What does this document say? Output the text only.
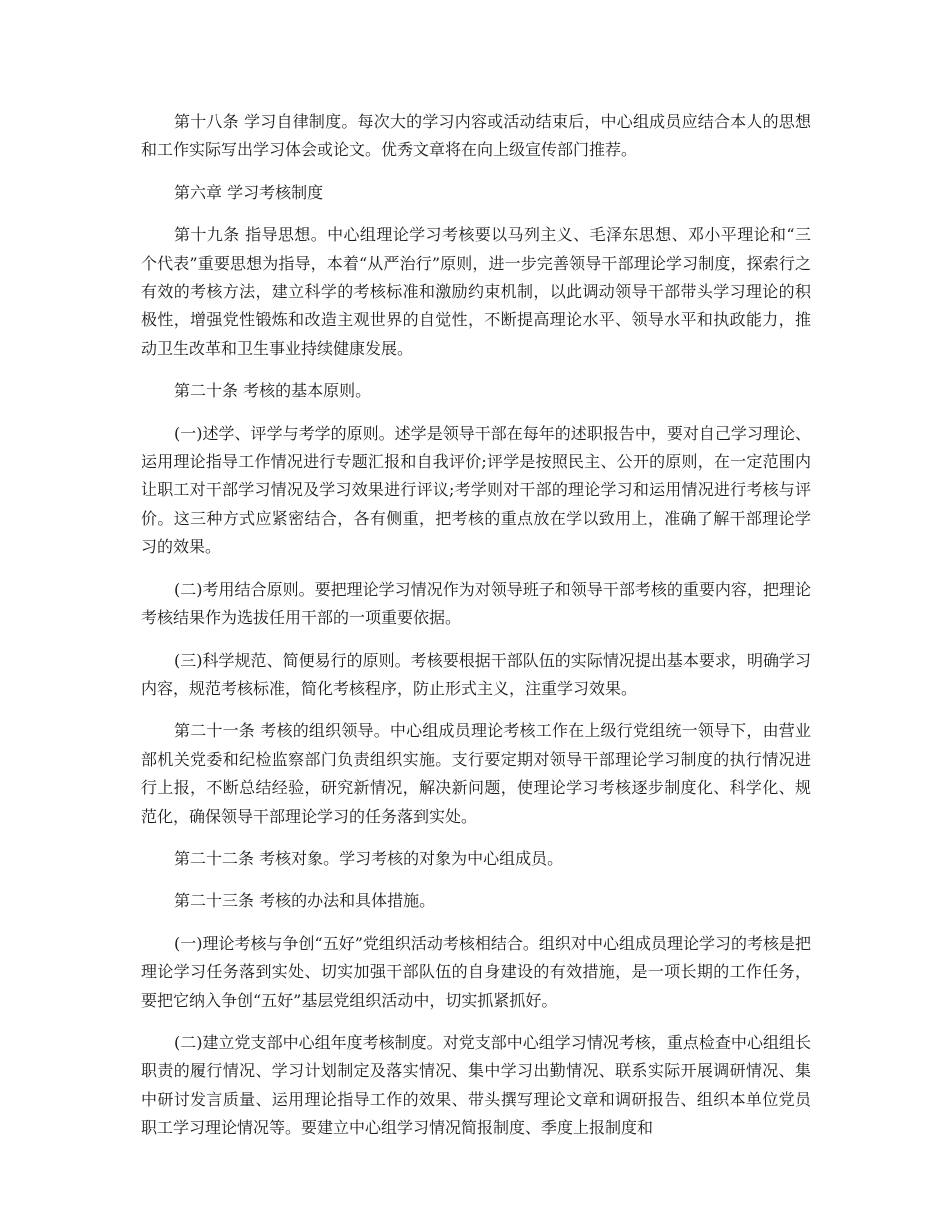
第十八条 学习自律制度。每次大的学习内容或活动结束后，中心组成员应结合本人的思想和工作实际写出学习体会或论文。优秀文章将在向上级宣传部门推荐。

第六章 学习考核制度

第十九条 指导思想。中心组理论学习考核要以马列主义、毛泽东思想、邓小平理论和“三个代表”重要思想为指导，本着“从严治行”原则，进一步完善领导干部理论学习制度，探索行之有效的考核方法，建立科学的考核标准和激励约束机制，以此调动领导干部带头学习理论的积极性，增强党性锻炼和改造主观世界的自觉性，不断提高理论水平、领导水平和执政能力，推动卫生改革和卫生事业持续健康发展。

第二十条 考核的基本原则。

(一)述学、评学与考学的原则。述学是领导干部在每年的述职报告中，要对自己学习理论、运用理论指导工作情况进行专题汇报和自我评价;评学是按照民主、公开的原则，在一定范围内让职工对干部学习情况及学习效果进行评议;考学则对干部的理论学习和运用情况进行考核与评价。这三种方式应紧密结合，各有侧重，把考核的重点放在学以致用上，准确了解干部理论学习的效果。

(二)考用结合原则。要把理论学习情况作为对领导班子和领导干部考核的重要内容，把理论考核结果作为选拔任用干部的一项重要依据。

(三)科学规范、简便易行的原则。考核要根据干部队伍的实际情况提出基本要求，明确学习内容，规范考核标准，简化考核程序，防止形式主义，注重学习效果。

第二十一条 考核的组织领导。中心组成员理论考核工作在上级行党组统一领导下，由营业部机关党委和纪检监察部门负责组织实施。支行要定期对领导干部理论学习制度的执行情况进行上报，不断总结经验，研究新情况，解决新问题，使理论学习考核逐步制度化、科学化、规范化，确保领导干部理论学习的任务落到实处。

第二十二条 考核对象。学习考核的对象为中心组成员。

第二十三条 考核的办法和具体措施。

(一)理论考核与争创“五好”党组织活动考核相结合。组织对中心组成员理论学习的考核是把理论学习任务落到实处、切实加强干部队伍的自身建设的有效措施，是一项长期的工作任务，要把它纳入争创“五好”基层党组织活动中，切实抓紧抓好。

(二)建立党支部中心组年度考核制度。对党支部中心组学习情况考核，重点检查中心组组长职责的履行情况、学习计划制定及落实情况、集中学习出勤情况、联系实际开展调研情况、集中研讨发言质量、运用理论指导工作的效果、带头撰写理论文章和调研报告、组织本单位党员职工学习理论情况等。要建立中心组学习情况简报制度、季度上报制度和
